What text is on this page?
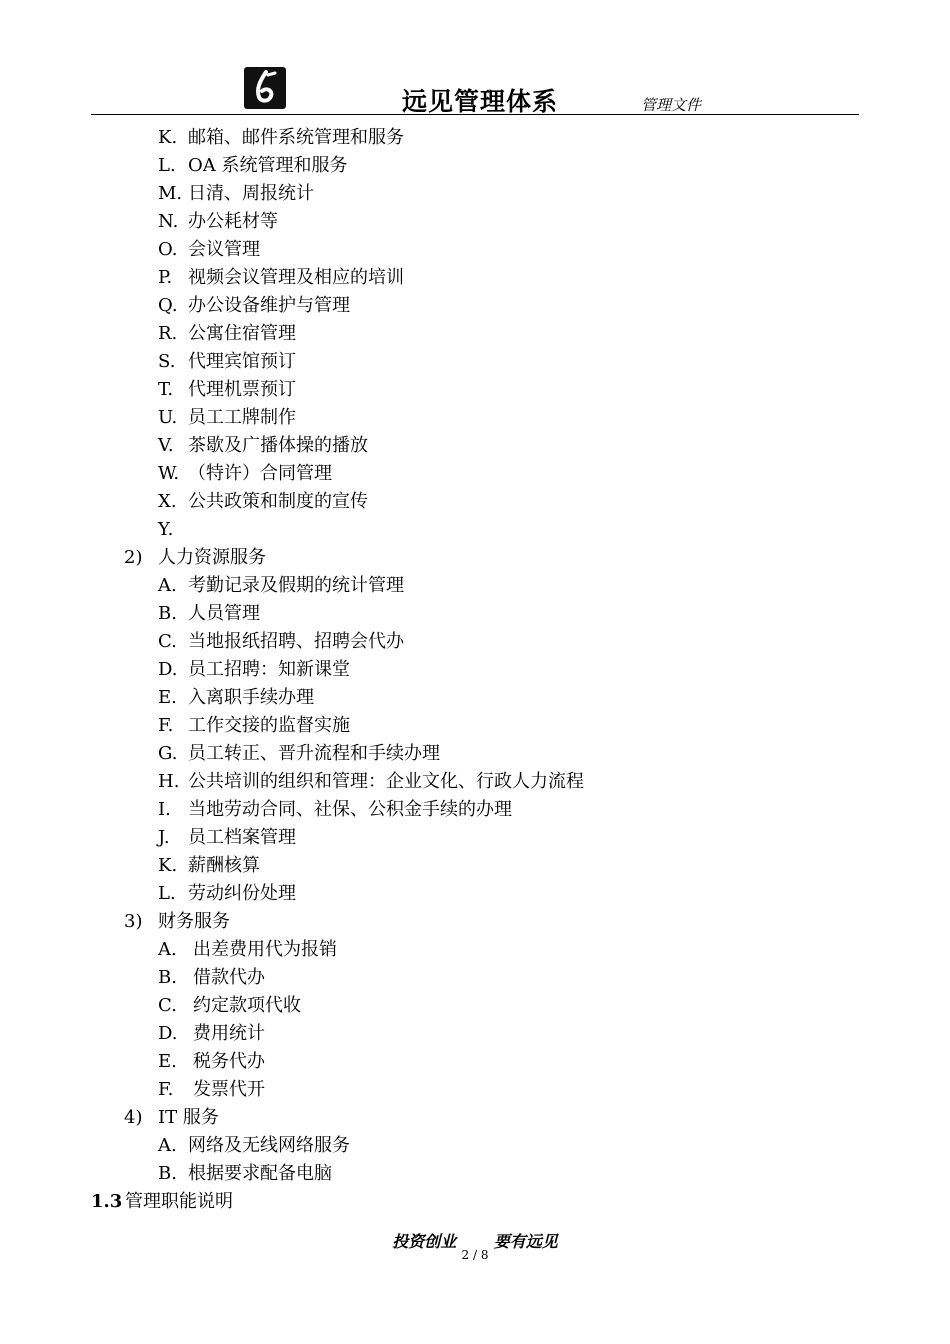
远见管理体系	管理文件
K. 邮箱、邮件系统管理和服务
L. OA 系统管理和服务
M. 日清、周报统计
N. 办公耗材等
O. 会议管理
P. 视频会议管理及相应的培训
Q. 办公设备维护与管理
R. 公寓住宿管理
S. 代理宾馆预订
T. 代理机票预订
U. 员工工牌制作
V. 茶歇及广播体操的播放
W. （特许）合同管理
X. 公共政策和制度的宣传
Y.
2) 人力资源服务
A. 考勤记录及假期的统计管理
B. 人员管理
C. 当地报纸招聘、招聘会代办
D. 员工招聘：知新课堂
E. 入离职手续办理
F. 工作交接的监督实施
G. 员工转正、晋升流程和手续办理
H. 公共培训的组织和管理：企业文化、行政人力流程
I. 当地劳动合同、社保、公积金手续的办理
J. 员工档案管理
K. 薪酬核算
L. 劳动纠份处理
3) 财务服务
A. 出差费用代为报销
B. 借款代办
C. 约定款项代收
D. 费用统计
E. 税务代办
F. 发票代开
4) IT 服务
A. 网络及无线网络服务
B. 根据要求配备电脑
1.3 管理职能说明
投资创业 要有远见
2 / 8
